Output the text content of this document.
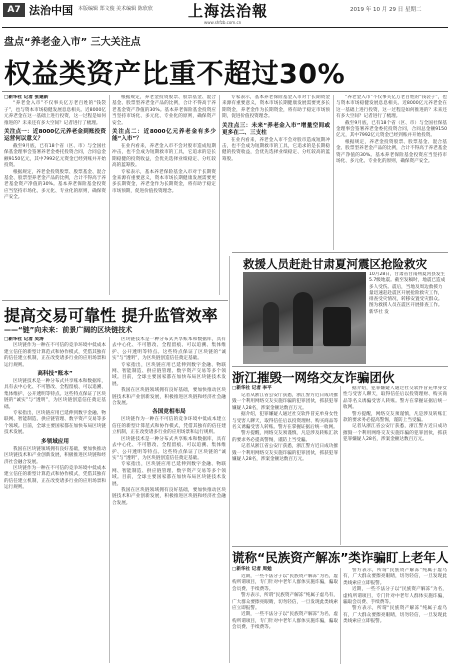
A7 法治中国 本版编辑 郑文俊 美术编辑 陈欣欣 上海法治報
www.shfzb.com.cn
2019 年 10 月 29 日 星期二
盘点“养老金入市” 三大关注点
权益类资产比重不超过30%
□新华社 记者 张建新
“养老金入市”不仅事关亿万老百姓的“钱袋子”，也与资本市场稳健发展息息相关。近8000亿元养老金在这一基础上进行投资，这一过程是如何推进的？未来还有多大空间？记者进行了梳理。
关注点一：近8000亿元养老金到账投资运营何以意义？
截至9月底，已有18个省（区、市）与全国社保基金理事会签署养老金委托投资合同，合同总金额9150亿元，其中7992亿元资金已经到账并开始投资。
根据规定，养老金投资股票、股票基金、混合基金、股票型养老金产品的比例，合计不得高于养老基金资产净值的30%。基本养老保险基金投资应当坚持市场化、多元化、专业化的原则，确保资产安全。
根据规定，养老金投资股票、股票基金、混合基金、股票型养老金产品的比例，合计不得高于养老基金资产净值的30%。基本养老保险基金投资应当坚持市场化、多元化、专业化的原则，确保资产安全。
关注点二：近8000亿元养老金有多少能“入市”？
在业内看来，养老金入市不会对股市造成短期冲击，也不会成为短期救市的工具，它追求的是长期稳健的投资收益，会优先选择业绩稳定、分红较高的蓝筹股。
专家表示，基本养老保险基金入市对于长期资金来源有重要意义，资本市场长期健康发展需要更多长期资金，养老金作为长期资金，将有助于稳定市场预期，促进价值投资理念。
专家表示，基本养老保险基金入市对于长期资金来源有重要意义，资本市场长期健康发展需要更多长期资金，养老金作为长期资金，将有助于稳定市场预期，促进价值投资理念。
关注点三：未来“养老金入市”增量空间或更多在二、三支柱
在业内看来，养老金入市不会对股市造成短期冲击，也不会成为短期救市的工具，它追求的是长期稳健的投资收益，会优先选择业绩稳定、分红较高的蓝筹股。
“养老金入市”不仅事关亿万老百姓的“钱袋子”，也与资本市场稳健发展息息相关。近8000亿元养老金在这一基础上进行投资，这一过程是如何推进的？未来还有多大空间？记者进行了梳理。
截至9月底，已有18个省（区、市）与全国社保基金理事会签署养老金委托投资合同，合同总金额9150亿元，其中7992亿元资金已经到账并开始投资。
根据规定，养老金投资股票、股票基金、混合基金、股票型养老金产品的比例，合计不得高于养老基金资产净值的30%。基本养老保险基金投资应当坚持市场化、多元化、专业化的原则，确保资产安全。
提高交易可靠性 提升监管效率
——“链”向未来：前景广阔的区块链技术
□新华社 记者 吴涛
区块链作为一种在不可信的竞争环境中低成本建立信任的新型计算范式和协作模式，凭借其独有的信任建立机制，正在改变诸多行业的应用场景和运行规则。
高科技“账本”
区块链技术是一种分布式共享账本和数据库，具有去中心化、不可篡改、全程留痕、可以追溯、集体维护、公开透明等特点。这些特点保证了区块链的“诚实”与“透明”，为区块链创造信任奠定基础。
专家指出，区块链应用已延伸到数字金融、物联网、智能制造、供应链管理、数字资产交易等多个领域。目前，全球主要国家都在加快布局区块链技术发展。
多领域应用
我国在区块链领域拥有良好基础，要加快推动区块链技术和产业创新发展，积极推进区块链和经济社会融合发展。
区块链作为一种在不可信的竞争环境中低成本建立信任的新型计算范式和协作模式，凭借其独有的信任建立机制，正在改变诸多行业的应用场景和运行规则。
区块链技术是一种分布式共享账本和数据库，具有去中心化、不可篡改、全程留痕、可以追溯、集体维护、公开透明等特点。这些特点保证了区块链的“诚实”与“透明”，为区块链创造信任奠定基础。
专家指出，区块链应用已延伸到数字金融、物联网、智能制造、供应链管理、数字资产交易等多个领域。目前，全球主要国家都在加快布局区块链技术发展。
我国在区块链领域拥有良好基础，要加快推动区块链技术和产业创新发展，积极推进区块链和经济社会融合发展。
各国竞相布局
区块链作为一种在不可信的竞争环境中低成本建立信任的新型计算范式和协作模式，凭借其独有的信任建立机制，正在改变诸多行业的应用场景和运行规则。
区块链技术是一种分布式共享账本和数据库，具有去中心化、不可篡改、全程留痕、可以追溯、集体维护、公开透明等特点。这些特点保证了区块链的“诚实”与“透明”，为区块链创造信任奠定基础。
专家指出，区块链应用已延伸到数字金融、物联网、智能制造、供应链管理、数字资产交易等多个领域。目前，全球主要国家都在加快布局区块链技术发展。
我国在区块链领域拥有良好基础，要加快推动区块链技术和产业创新发展，积极推进区块链和经济社会融合发展。
救援人员赶赴甘肃夏河震区抢险救灾
10月28日，甘肃省甘南州夏河县发生5.7级地震。截至发稿时，地震已造成多人受伤。震后，当地及周边救援力量迅速赶赴震区开展抢险救灾工作，排查受灾情况，转移安置受灾群众。图为救援人员在震区开展排查工作。新华社 发
浙江摧毁一网络交友诈骗团伙
□新华社 记者 李平
记者从浙江省公安厅获悉，浙江警方近日成功摧毁一个利用网络交友实施诈骗的犯罪团伙，抓获犯罪嫌疑人28名，涉案金额达数百万元。
据介绍，犯罪嫌疑人通过社交软件冒充单身女性与受害人聊天，取得信任后以投资理财、购买商品等名义诱骗受害人转账。警方在掌握证据后统一收网。
警方提醒，网络交友须谨慎，凡是涉及转账汇款的要求务必提高警惕，谨防上当受骗。
记者从浙江省公安厅获悉，浙江警方近日成功摧毁一个利用网络交友实施诈骗的犯罪团伙，抓获犯罪嫌疑人28名，涉案金额达数百万元。
据介绍，犯罪嫌疑人通过社交软件冒充单身女性与受害人聊天，取得信任后以投资理财、购买商品等名义诱骗受害人转账。警方在掌握证据后统一收网。
警方提醒，网络交友须谨慎，凡是涉及转账汇款的要求务必提高警惕，谨防上当受骗。
记者从浙江省公安厅获悉，浙江警方近日成功摧毁一个利用网络交友实施诈骗的犯罪团伙，抓获犯罪嫌疑人28名，涉案金额达数百万元。
谎称“民族资产解冻”类诈骗盯上老年人
□新华社 记者 周勉
近期，一些不法分子以“民族资产解冻”为名，虚构所谓项目，专门针对中老年人群体实施诈骗，骗取会员费、手续费等。
警方表示，所谓“民族资产解冻”纯属子虚乌有，广大群众要擦亮眼睛，切勿轻信，一旦发现此类线索应立即报警。
近期，一些不法分子以“民族资产解冻”为名，虚构所谓项目，专门针对中老年人群体实施诈骗，骗取会员费、手续费等。
警方表示，所谓“民族资产解冻”纯属子虚乌有，广大群众要擦亮眼睛，切勿轻信，一旦发现此类线索应立即报警。
近期，一些不法分子以“民族资产解冻”为名，虚构所谓项目，专门针对中老年人群体实施诈骗，骗取会员费、手续费等。
警方表示，所谓“民族资产解冻”纯属子虚乌有，广大群众要擦亮眼睛，切勿轻信，一旦发现此类线索应立即报警。
